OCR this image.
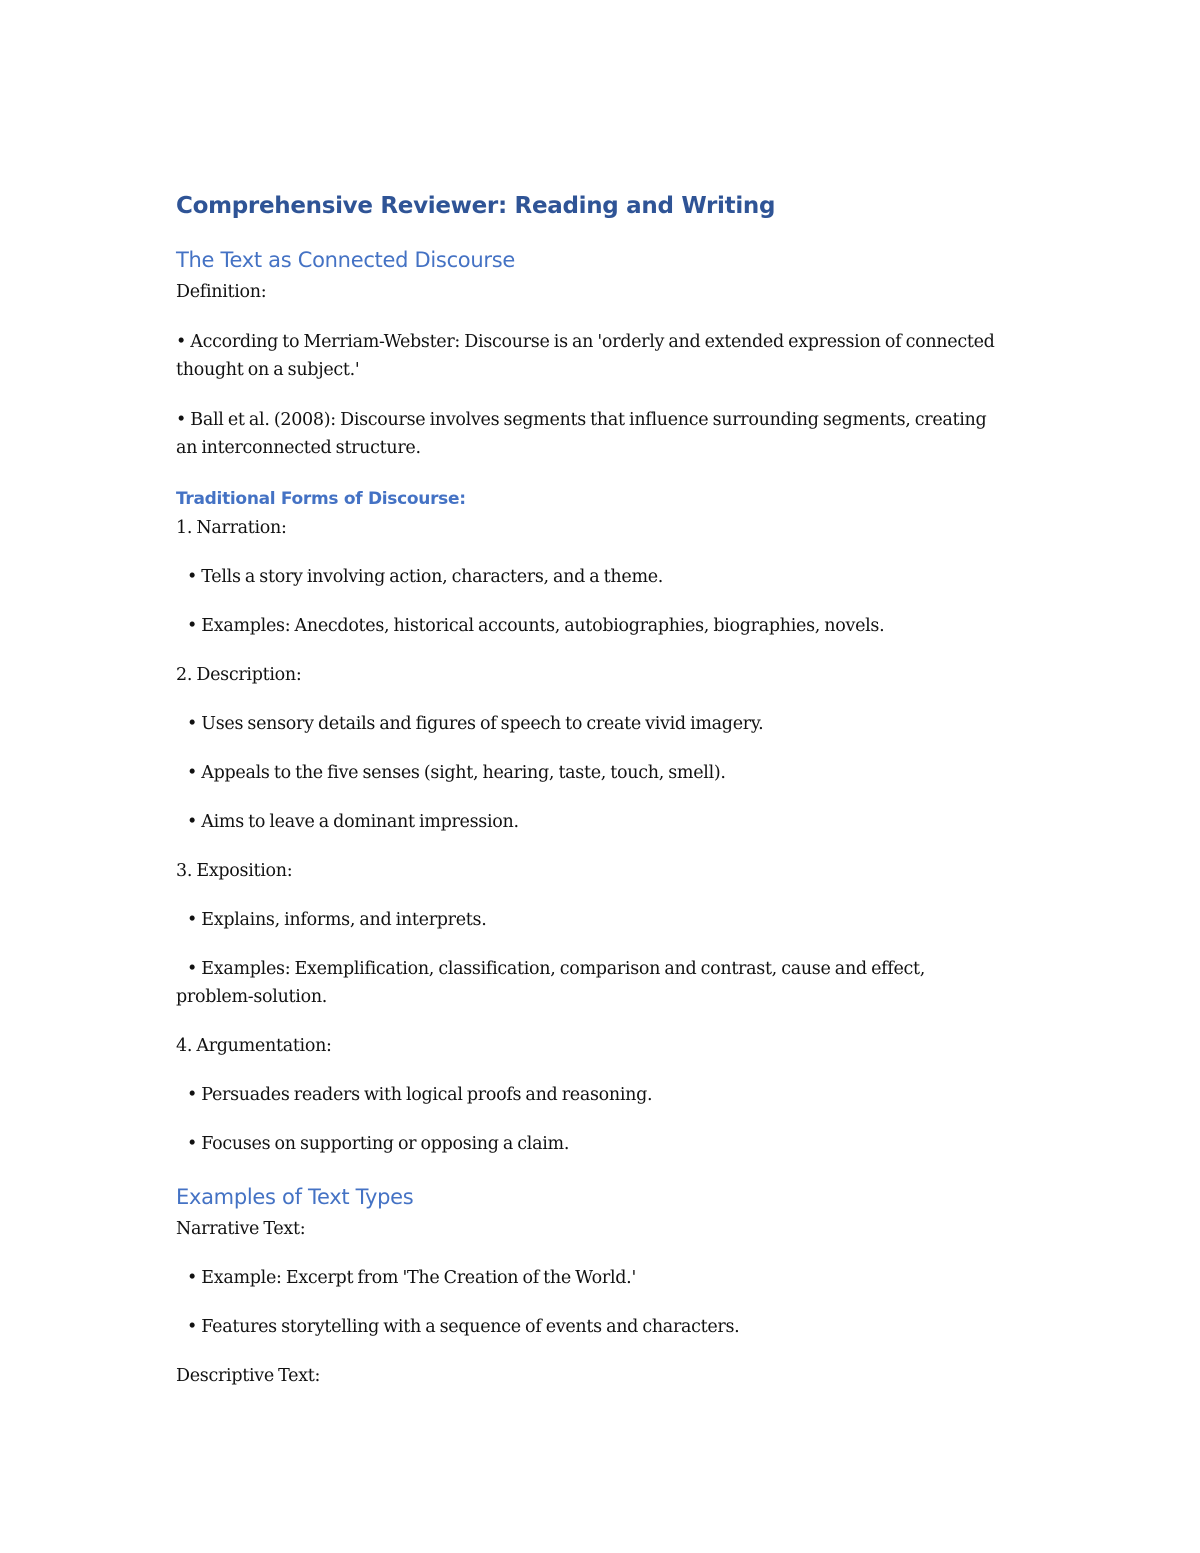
Comprehensive Reviewer: Reading and Writing
The Text as Connected Discourse

Definition:

• According to Merriam-Webster: Discourse is an 'orderly and extended expression of connected thought on a subject.'

• Ball et al. (2008): Discourse involves segments that influence surrounding segments, creating an interconnected structure.

Traditional Forms of Discourse:

1. Narration:

• Tells a story involving action, characters, and a theme.

• Examples: Anecdotes, historical accounts, autobiographies, biographies, novels.

2. Description:

• Uses sensory details and figures of speech to create vivid imagery.

• Appeals to the five senses (sight, hearing, taste, touch, smell).

• Aims to leave a dominant impression.

3. Exposition:

• Explains, informs, and interprets.

• Examples: Exemplification, classification, comparison and contrast, cause and effect, problem-solution.

4. Argumentation:

• Persuades readers with logical proofs and reasoning.

• Focuses on supporting or opposing a claim.

Examples of Text Types

Narrative Text:

• Example: Excerpt from 'The Creation of the World.'

• Features storytelling with a sequence of events and characters.

Descriptive Text:
